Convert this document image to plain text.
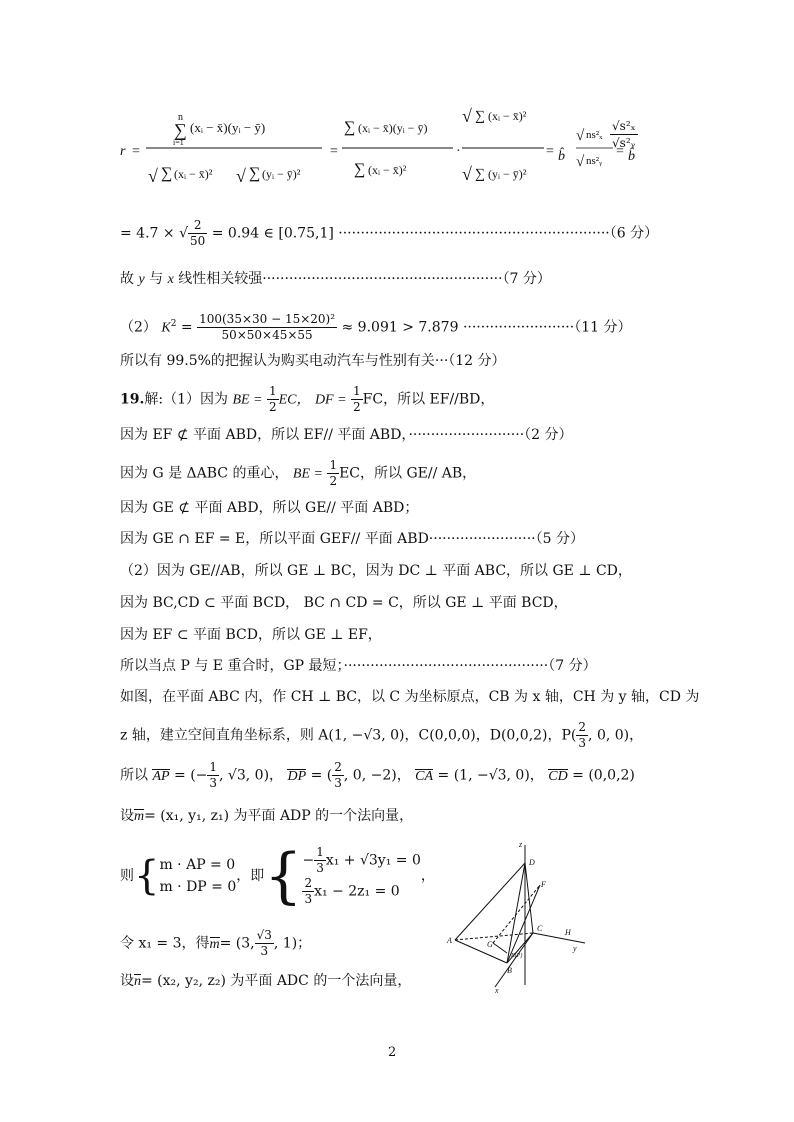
r =
n
∑
i=1
(xᵢ − x̄)(yᵢ − ȳ)
√ ∑ (xᵢ − x̄)² √ ∑ (yᵢ − ȳ)²
=
∑ (xᵢ − x̄)(yᵢ − ȳ)
∑ (xᵢ − x̄)²
·
√ ∑ (xᵢ − x̄)²
√ ∑ (yᵢ − ȳ)²
= b̂
√ ns²ₓ
√ ns²ᵧ
= b̂
√s²ₓ
√s²ᵧ
= 4.7 × √ $\frac{2}{50} = 0.94$ ∈ [0.75,1] ·····························································（6 分）
故 y 与 x 线性相关较强······················································（7 分）
（2） $K^2 = \frac{\text{100(35×30 − 15×20)²}}{50\times 50\times 45\times 55} \approx 9.091 > 7.879 \cdot\cdot\cdot\cdot\cdot\cdot\cdot\cdot\cdot\cdot\cdot\cdot\cdot\cdot\cdot\cdot\cdot\cdot\cdot\cdot\cdot\cdot\cdot\cdot\cdot(11$ 分）
所以有 99.5%的把握认为购买电动汽车与性别有关···（12 分）
19.解:（1）因为 BE = $\frac{1}{2}$ EC， DF = $\frac{1}{2}$ FC，所以 EF//BD，
因为 EF ⊄ 平面 ABD，所以 EF// 平面 ABD，··························（2 分）
因为 G 是 ΔABC 的重心， BE = $\frac{1}{2}$ EC，所以 GE// AB，
因为 GE ⊄ 平面 ABD，所以 GE// 平面 ABD；
因为 GE ∩ EF = E，所以平面 GEF// 平面 ABD························（5 分）
（2）因为 GE//AB，所以 GE ⊥ BC，因为 DC ⊥ 平面 ABC，所以 GE ⊥ CD，
因为 BC,CD ⊂ 平面 BCD， BC ∩ CD = C，所以 GE ⊥ 平面 BCD，
因为 EF ⊂ 平面 BCD，所以 GE ⊥ EF，
所以当点 P 与 E 重合时，GP 最短；··············································（7 分）
如图，在平面 ABC 内，作 CH ⊥ BC，以 C 为坐标原点，CB 为 x 轴，CH 为 y 轴，CD 为
z 轴，建立空间直角坐标系，则 A(1, −√3, 0)，C(0,0,0)，D(0,0,2)，$P( \frac{2}{3}$ , 0, 0)，
所以 AP = (− $\frac{1}{3}$ , √3, 0)， DP = ( $\frac{2}{3}$ , 0, −2)， CA = (1, −√3, 0)， CD = (0,0,2)
设m= (x₁, y₁, z₁) 为平面 ADP 的一个法向量，
则{ m · AP = 0
m · DP = 0
，即{ − $\frac{1}{3} x_1 + √3y_1 = 0$
$\frac{2}{3} x_1 - 2z_1 = 0$
，
令 x₁ = 3，得m= (3, $\frac{√3}{3}$ , 1)；
设n= (x₂, y₂, z₂) 为平面 ADC 的一个法向量，
z
D
F
C	H
y
A	G
E(P)
B
x
2
